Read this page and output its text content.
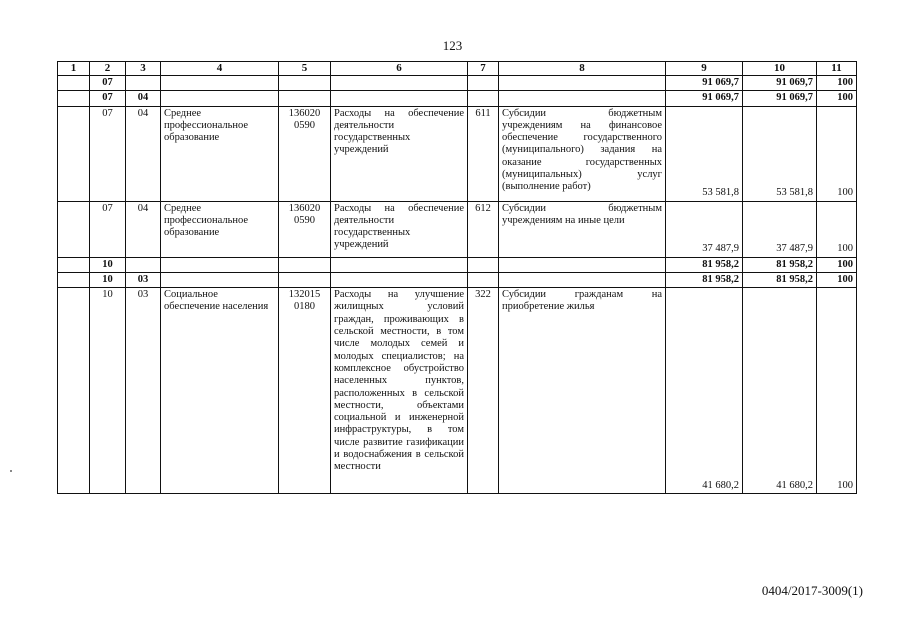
123
1	2	3	4	5	6	7	8	9	10	11
	07							91 069,7	91 069,7	100
	07	04						91 069,7	91 069,7	100
	07	04	Среднее профессиональное образование	136020 0590	Расходы на обеспечение деятельности государственных учреждений	611	Субсидии бюджетным учреждениям на финансовое обеспечение государственного (муниципального) задания на оказание государственных (муниципальных) услуг (выполнение работ)	53 581,8	53 581,8	100
	07	04	Среднее профессиональное образование	136020 0590	Расходы на обеспечение деятельности государственных учреждений	612	Субсидии бюджетным учреждениям на иные цели	37 487,9	37 487,9	100
	10							81 958,2	81 958,2	100
	10	03						81 958,2	81 958,2	100
	10	03	Социальное обеспечение населения	132015 0180	Расходы на улучшение жилищных условий граждан, проживающих в сельской местности, в том числе молодых семей и молодых специалистов; на комплексное обустройство населенных пунктов, расположенных в сельской местности, объектами социальной и инженерной инфраструктуры, в том числе развитие газификации и водоснабжения в сельской местности	322	Субсидии гражданам на приобретение жилья	41 680,2	41 680,2	100
0404/2017-3009(1)
